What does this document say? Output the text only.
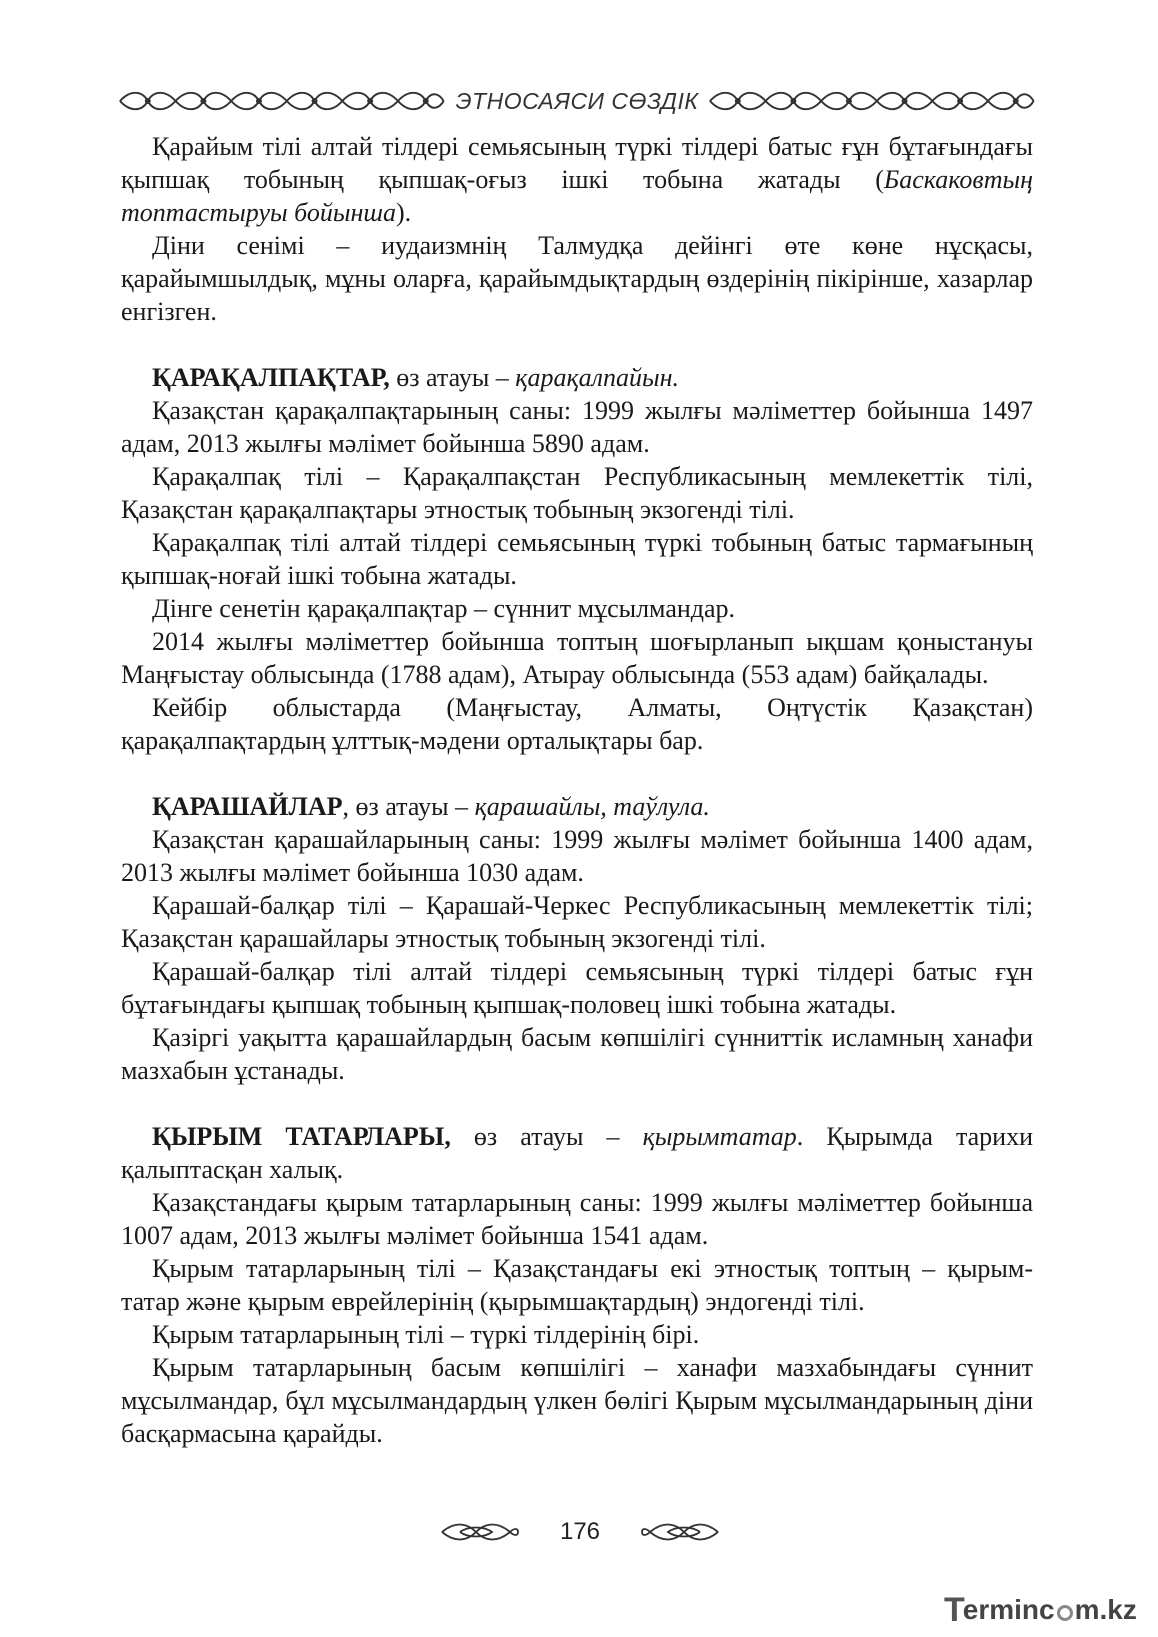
ЭТНОСАЯСИ СӨЗДІК

Қарайым тілі алтай тілдері семьясының түркі тілдері батыс ғұн бұтағындағы қыпшақ тобының қыпшақ-оғыз ішкі тобына жатады (Баскаковтың топтастыруы бойынша).

Діни сенімі – иудаизмнің Талмудқа дейінгі өте көне нұсқасы, қарайымшылдық, мұны оларға, қарайымдықтардың өздерінің пікірінше, хазарлар енгізген.

ҚАРАҚАЛПАҚТАР, өз атауы – қарақалпайын.

Қазақстан қарақалпақтарының саны: 1999 жылғы мәліметтер бойынша 1497 адам, 2013 жылғы мәлімет бойынша 5890 адам.

Қарақалпақ тілі – Қарақалпақстан Республикасының мемлекеттік тілі, Қазақстан қарақалпақтары этностық тобының экзогенді тілі.

Қарақалпақ тілі алтай тілдері семьясының түркі тобының батыс тармағының қыпшақ-ноғай ішкі тобына жатады.

Дінге сенетін қарақалпақтар – сүннит мұсылмандар.

2014 жылғы мәліметтер бойынша топтың шоғырланып ықшам қоныстануы Маңғыстау облысында (1788 адам), Атырау облысында (553 адам) байқалады.

Кейбір облыстарда (Маңғыстау, Алматы, Оңтүстік Қазақстан) қарақалпақтардың ұлттық-мәдени орталықтары бар.

ҚАРАШАЙЛАР, өз атауы – қарашайлы, таўлула.

Қазақстан қарашайларының саны: 1999 жылғы мәлімет бойынша 1400 адам, 2013 жылғы мәлімет бойынша 1030 адам.

Қарашай-балқар тілі – Қарашай-Черкес Республикасының мемлекеттік тілі; Қазақстан қарашайлары этностық тобының экзогенді тілі.

Қарашай-балқар тілі алтай тілдері семьясының түркі тілдері батыс ғұн бұтағындағы қыпшақ тобының қыпшақ-половец ішкі тобына жатады.

Қазіргі уақытта қарашайлардың басым көпшілігі сүнниттік исламның ханафи мазхабын ұстанады.

ҚЫРЫМ ТАТАРЛАРЫ, өз атауы – қырымтатар. Қырымда тарихи қалыптасқан халық.

Қазақстандағы қырым татарларының саны: 1999 жылғы мәліметтер бойынша 1007 адам, 2013 жылғы мәлімет бойынша 1541 адам.

Қырым татарларының тілі – Қазақстандағы екі этностық топтың – қырым-татар және қырым еврейлерінің (қырымшақтардың) эндогенді тілі.

Қырым татарларының тілі – түркі тілдерінің бірі.

Қырым татарларының басым көпшілігі – ханафи мазхабындағы сүннит мұсылмандар, бұл мұсылмандардың үлкен бөлігі Қырым мұсылмандарының діни басқармасына қарайды.

176
T
ermin c m.kz
